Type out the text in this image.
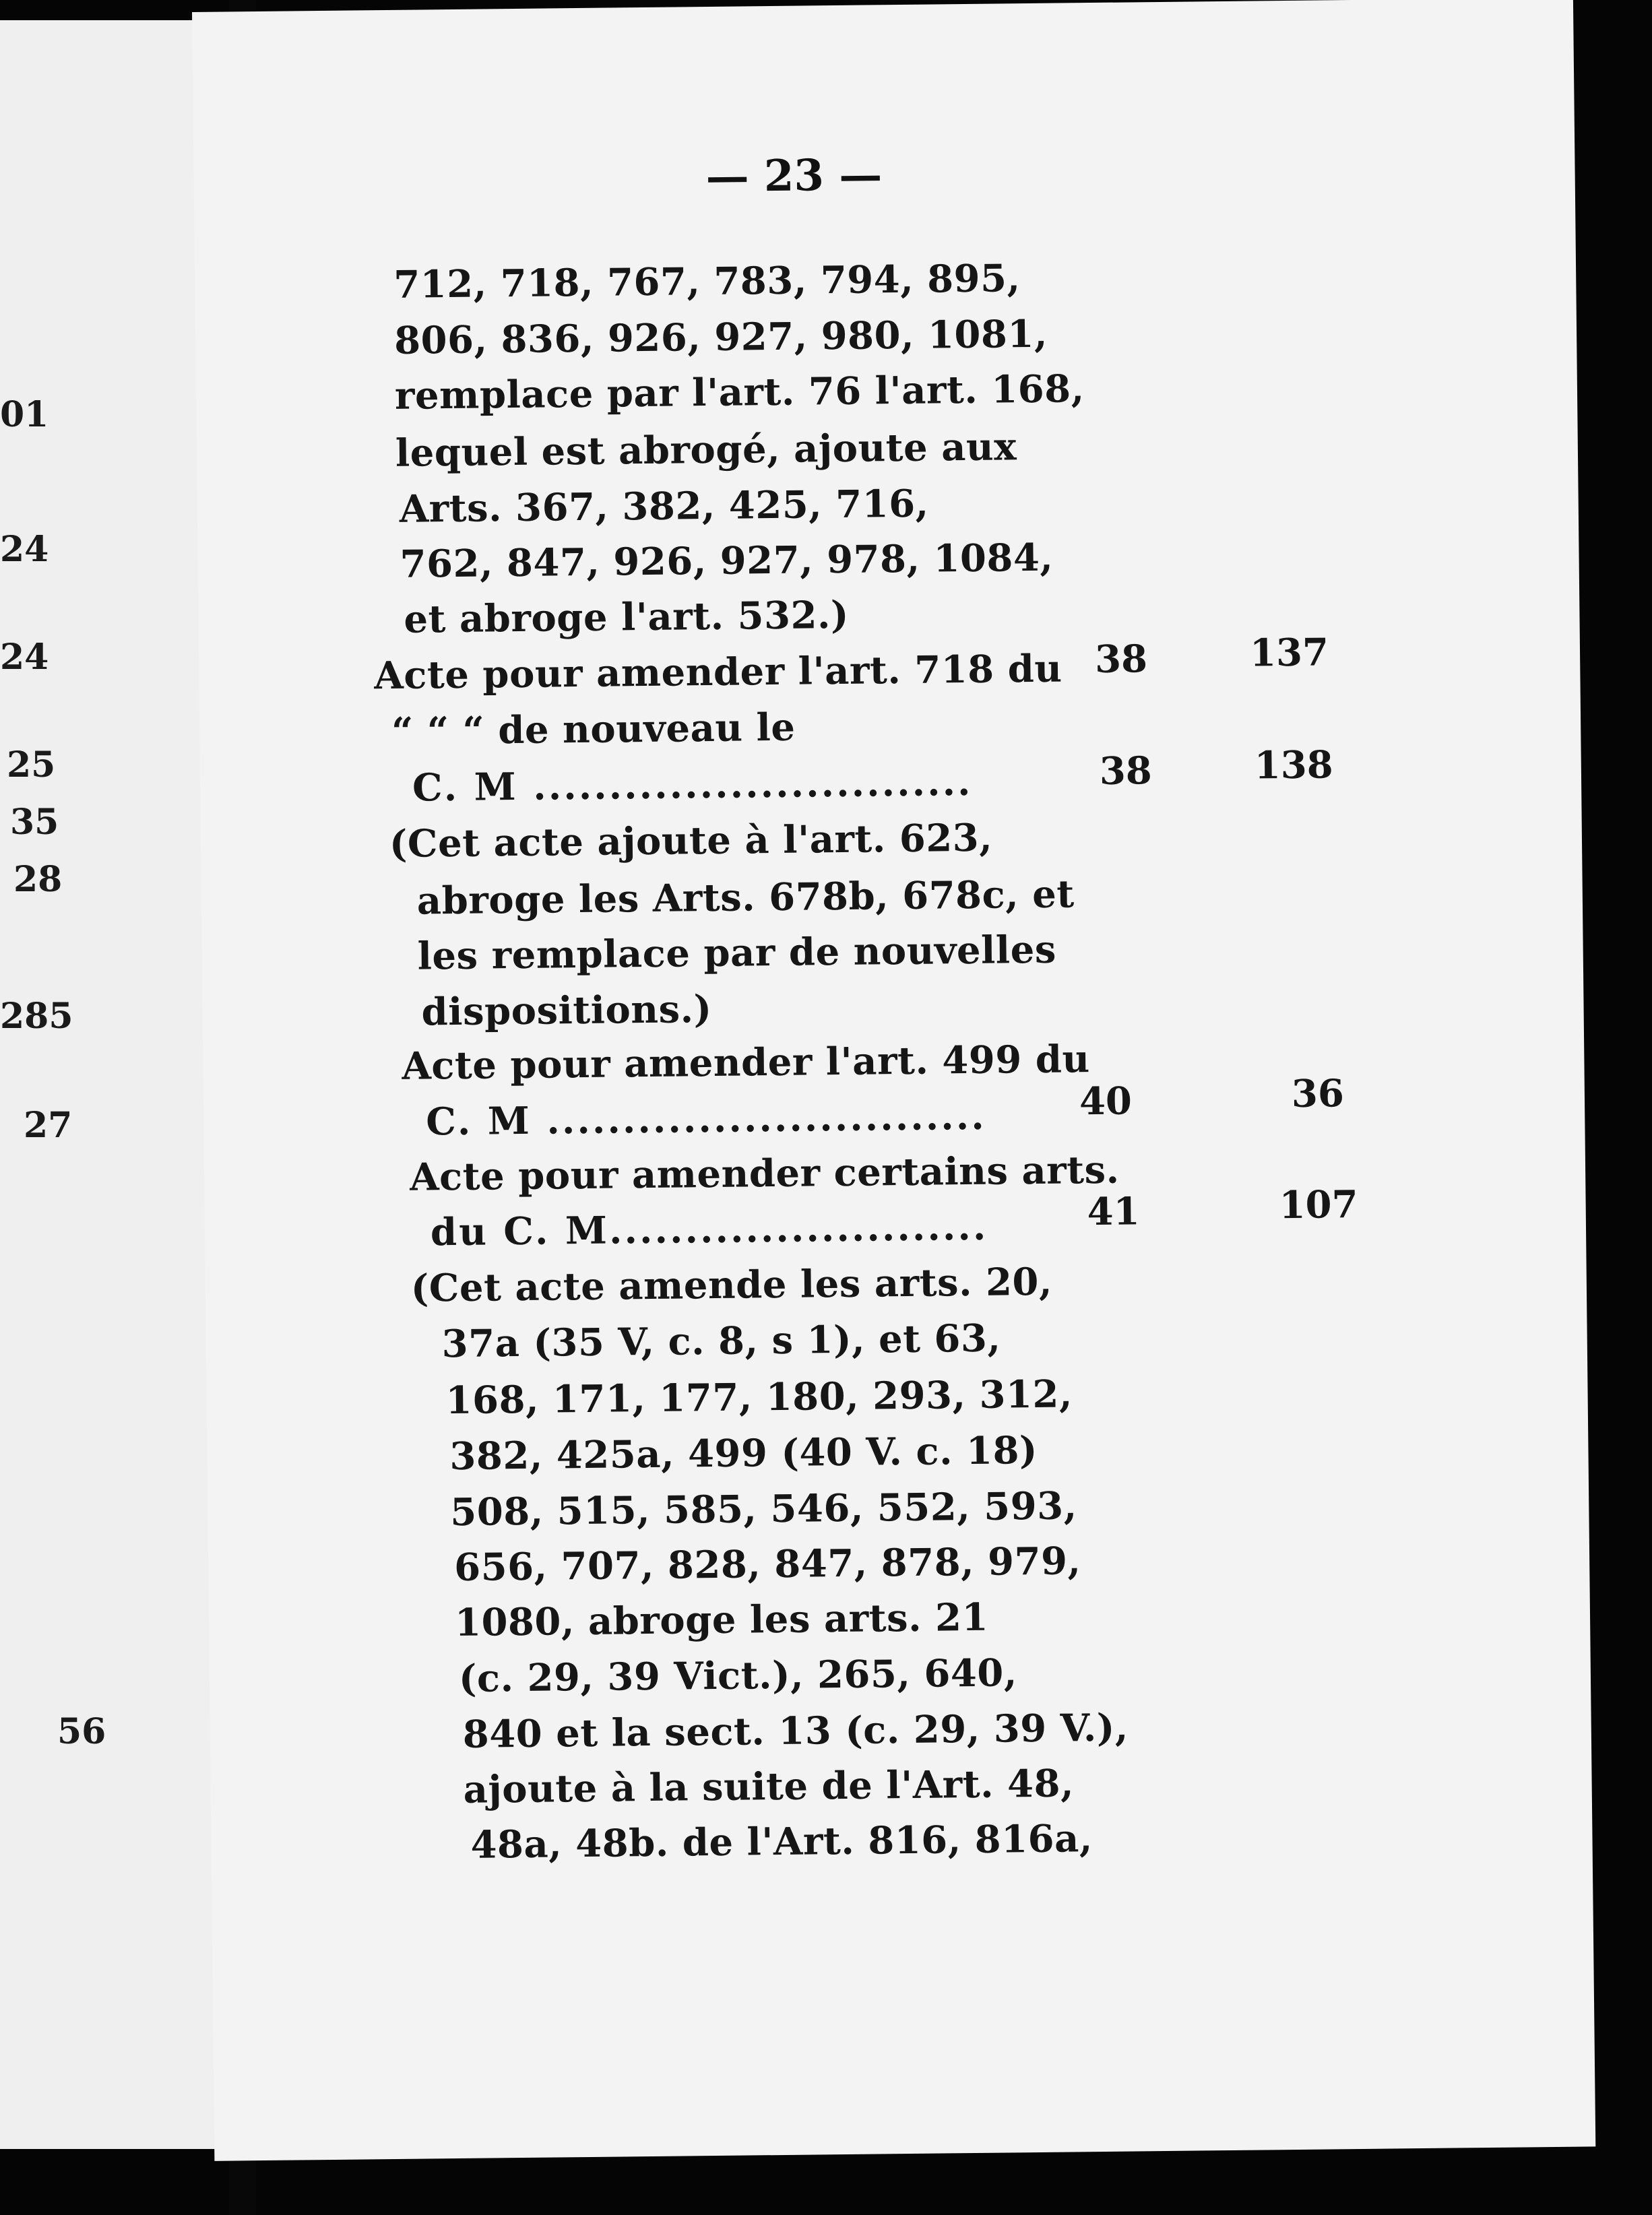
01
24
24
25
35
28
285
27
56
— 23 —
712, 718, 767, 783, 794, 895,
806, 836, 926, 927, 980, 1081,
remplace par l'art. 76 l'art. 168,
lequel est abrogé, ajoute aux
Arts. 367, 382, 425, 716,
762, 847, 926, 927, 978, 1084,
et abroge l'art. 532.)
Acte pour amender l'art. 718 du 38	137
“ “ “ de nouveau le
C. M .............................	38	138
(Cet acte ajoute à l'art. 623,
abroge les Arts. 678b, 678c, et
les remplace par de nouvelles
dispositions.)
Acte pour amender l'art. 499 du
C. M ............................. 40	36
Acte pour amender certains arts.
du C. M.........................	41	107
(Cet acte amende les arts. 20,
37a (35 V, c. 8, s 1), et 63,
168, 171, 177, 180, 293, 312,
382, 425a, 499 (40 V. c. 18)
508, 515, 585, 546, 552, 593,
656, 707, 828, 847, 878, 979,
1080, abroge les arts. 21
(c. 29, 39 Vict.), 265, 640,
840 et la sect. 13 (c. 29, 39 V.),
ajoute à la suite de l'Art. 48,
48a, 48b. de l'Art. 816, 816a,
